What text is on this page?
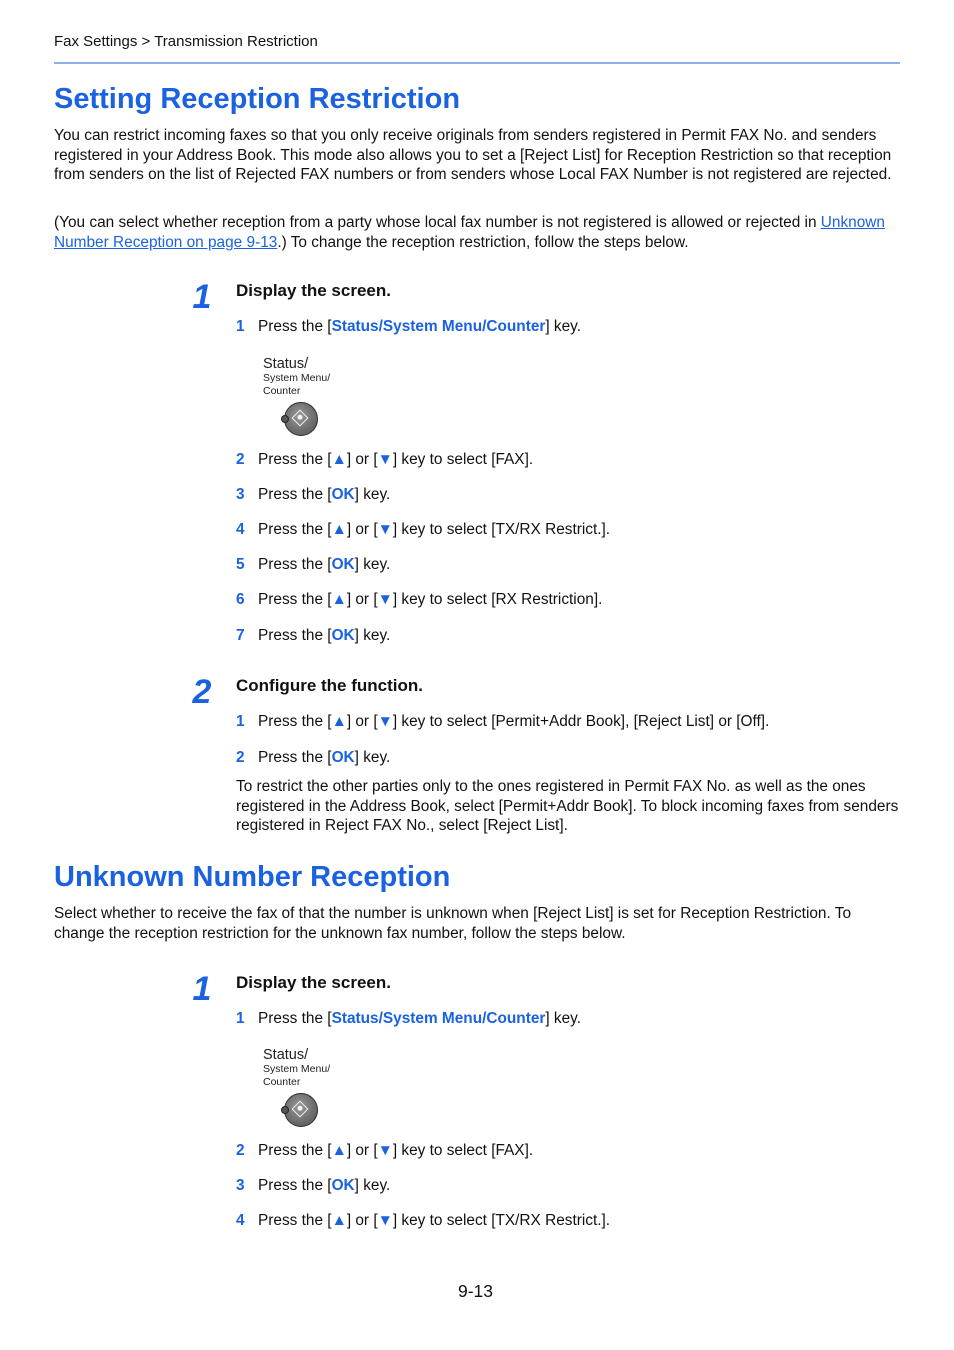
Fax Settings > Transmission Restriction
Setting Reception Restriction

You can restrict incoming faxes so that you only receive originals from senders registered in Permit FAX No. and senders registered in your Address Book. This mode also allows you to set a [Reject List] for Reception Restriction so that reception from senders on the list of Rejected FAX numbers or from senders whose Local FAX Number is not registered are rejected.

(You can select whether reception from a party whose local fax number is not registered is allowed or rejected in Unknown Number Reception on page 9-13.) To change the reception restriction, follow the steps below.

1	Display the screen.
1 Press the [Status/System Menu/Counter] key.
Status/
System Menu/
Counter
2 Press the [▲] or [▼] key to select [FAX].
3 Press the [OK] key.
4 Press the [▲] or [▼] key to select [TX/RX Restrict.].
5 Press the [OK] key.
6 Press the [▲] or [▼] key to select [RX Restriction].
7 Press the [OK] key.
2	Configure the function.
1 Press the [▲] or [▼] key to select [Permit+Addr Book], [Reject List] or [Off].
2 Press the [OK] key.

To restrict the other parties only to the ones registered in Permit FAX No. as well as the ones registered in the Address Book, select [Permit+Addr Book]. To block incoming faxes from senders registered in Reject FAX No., select [Reject List].

Unknown Number Reception

Select whether to receive the fax of that the number is unknown when [Reject List] is set for Reception Restriction. To change the reception restriction for the unknown fax number, follow the steps below.

1	Display the screen.
1 Press the [Status/System Menu/Counter] key.
Status/
System Menu/
Counter
2 Press the [▲] or [▼] key to select [FAX].
3 Press the [OK] key.
4 Press the [▲] or [▼] key to select [TX/RX Restrict.].
9-13
